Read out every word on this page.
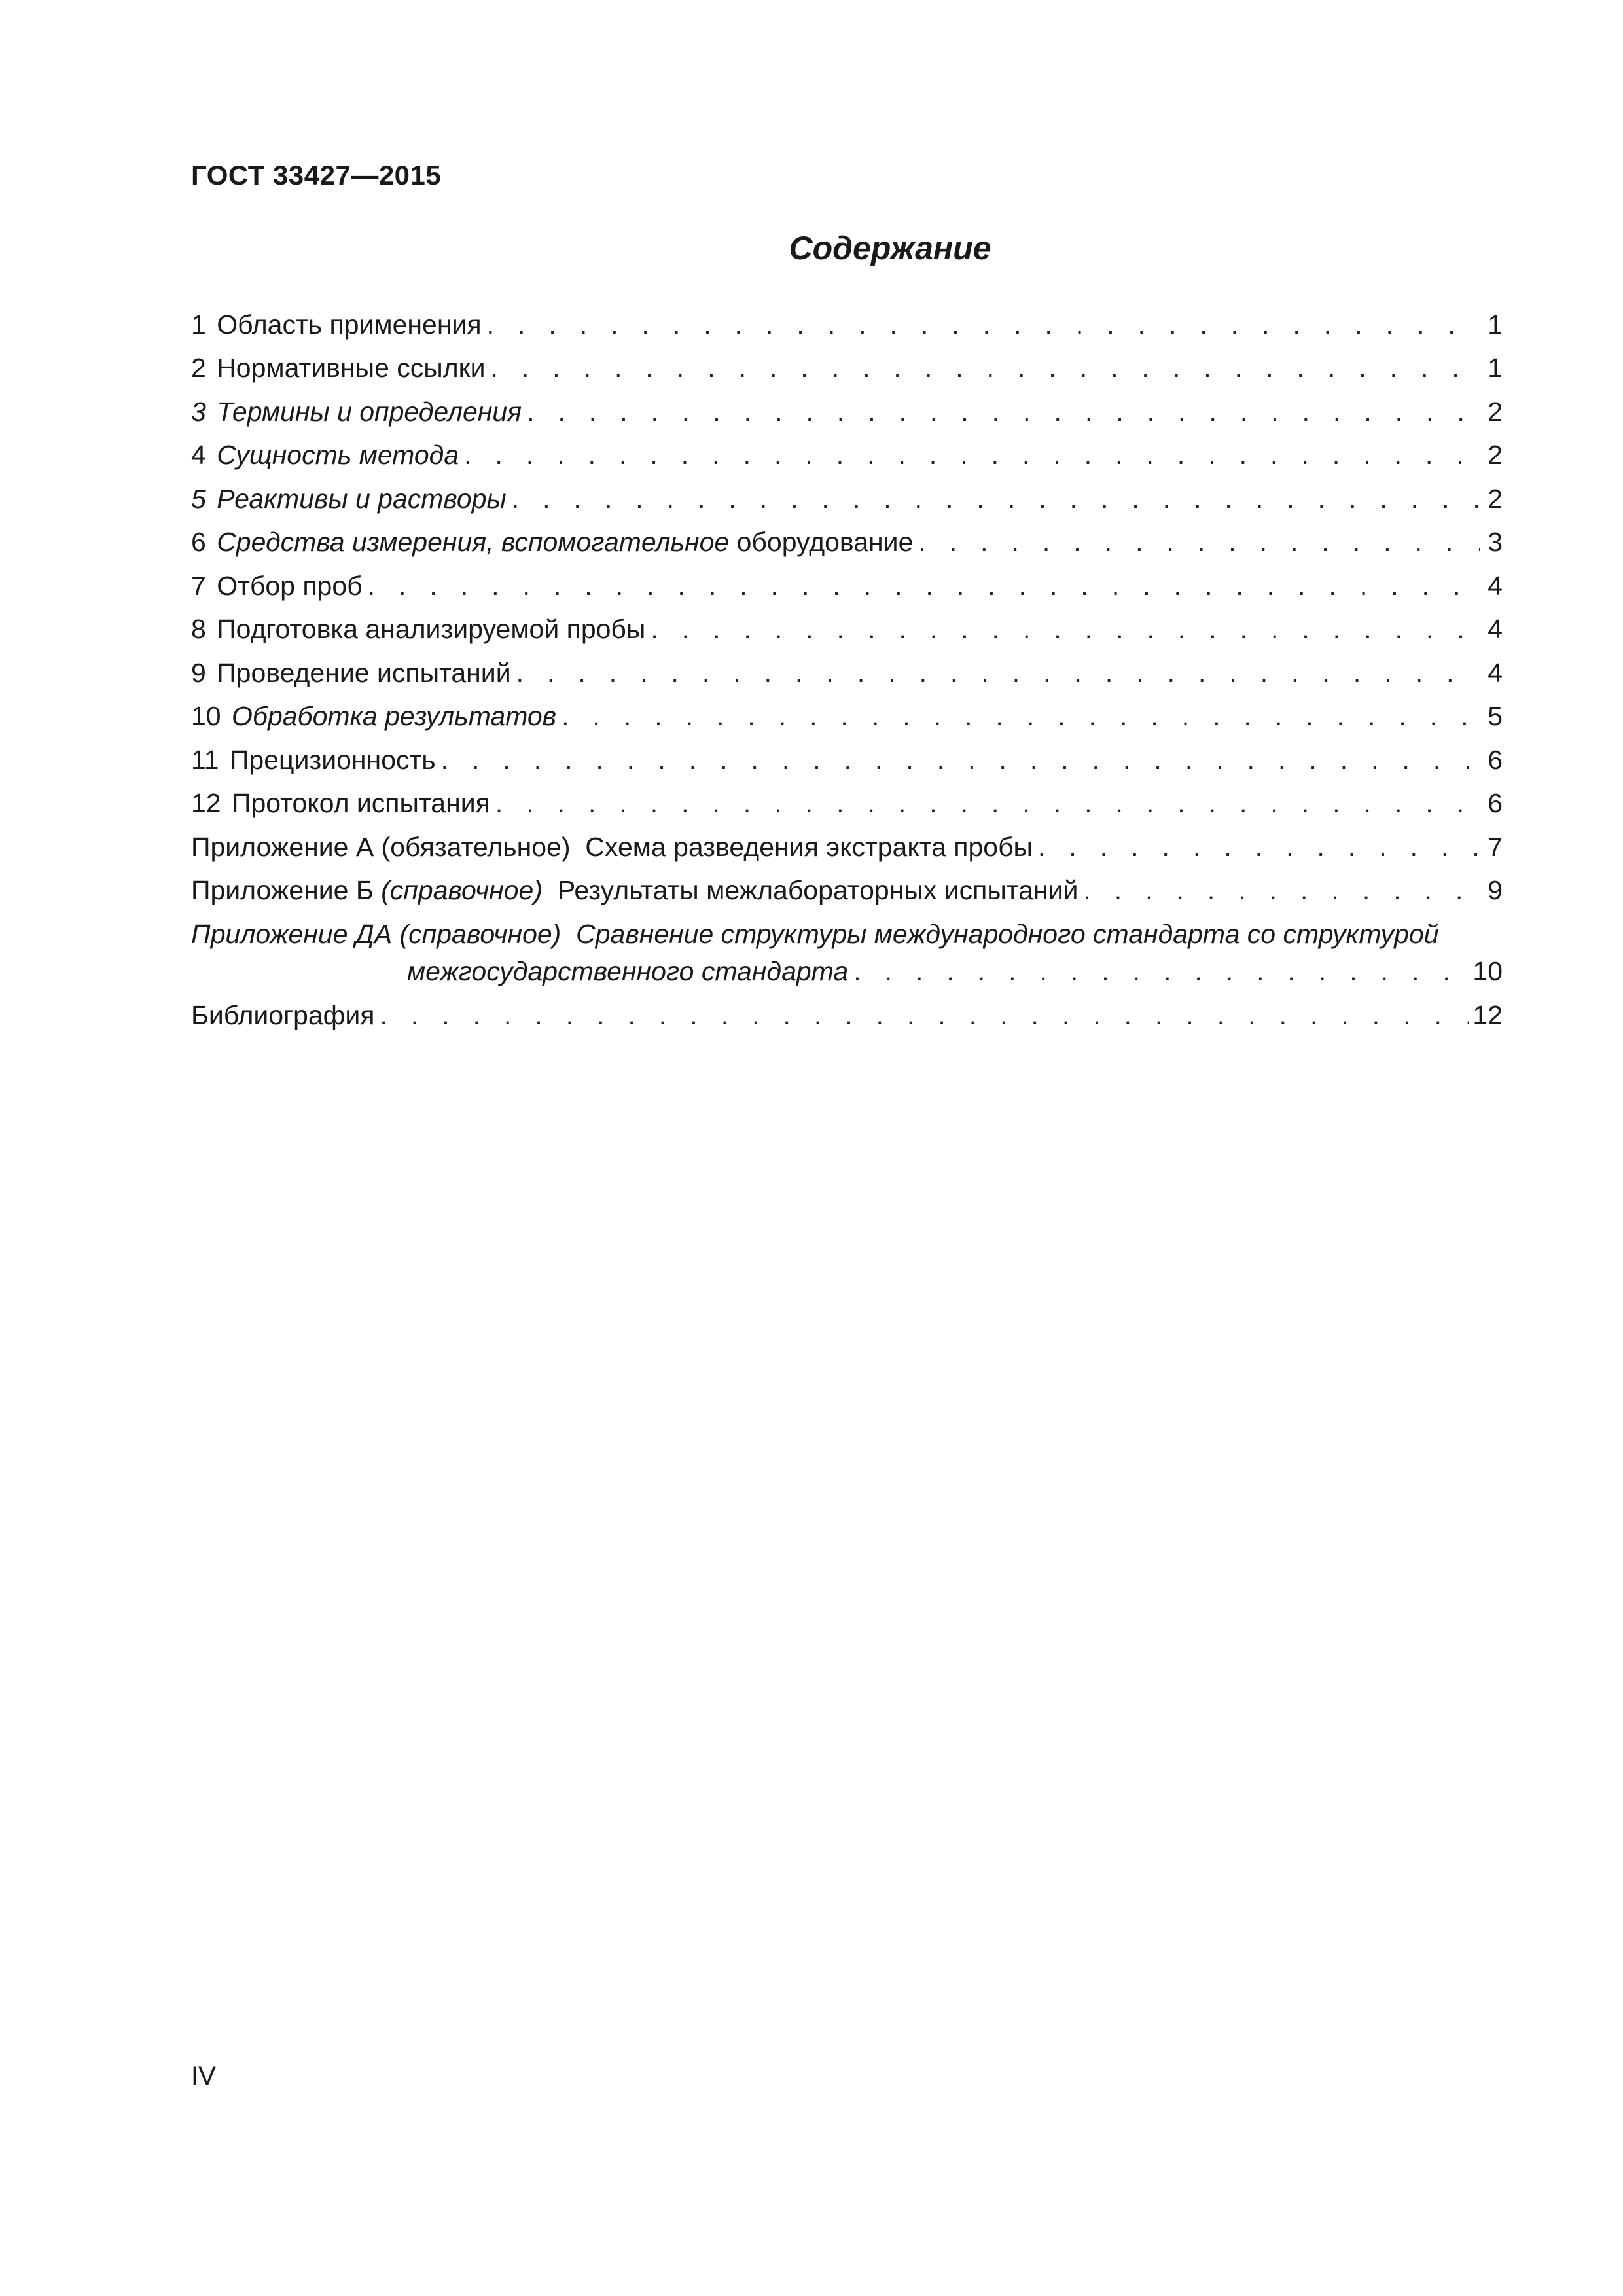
ГОСТ 33427—2015
Содержание
1 Область применения . . .	1
2 Нормативные ссылки . . .	1
3 Термины и определения . . .	2
4 Сущность метода . . .	2
5 Реактивы и растворы . . .	2
6 Средства измерения, вспомогательное
оборудование . . .	3
7 Отбор проб . . .	4
8 Подготовка анализируемой пробы . . .	4
9 Проведение испытаний . . .	4
10 Обработка результатов . . .	5
11 Прецизионность . . .	6
12 Протокол испытания . . .	6
Приложение А (обязательное)
Схема разведения экстракта пробы . . .	7
Приложение Б
(справочное)
Результаты межлабораторных испытаний . . .	9
Приложение ДА (справочное)
Сравнение структуры международного стандарта со структурой
межгосударственного стандарта . . .	10
Библиография . . .	12
IV
